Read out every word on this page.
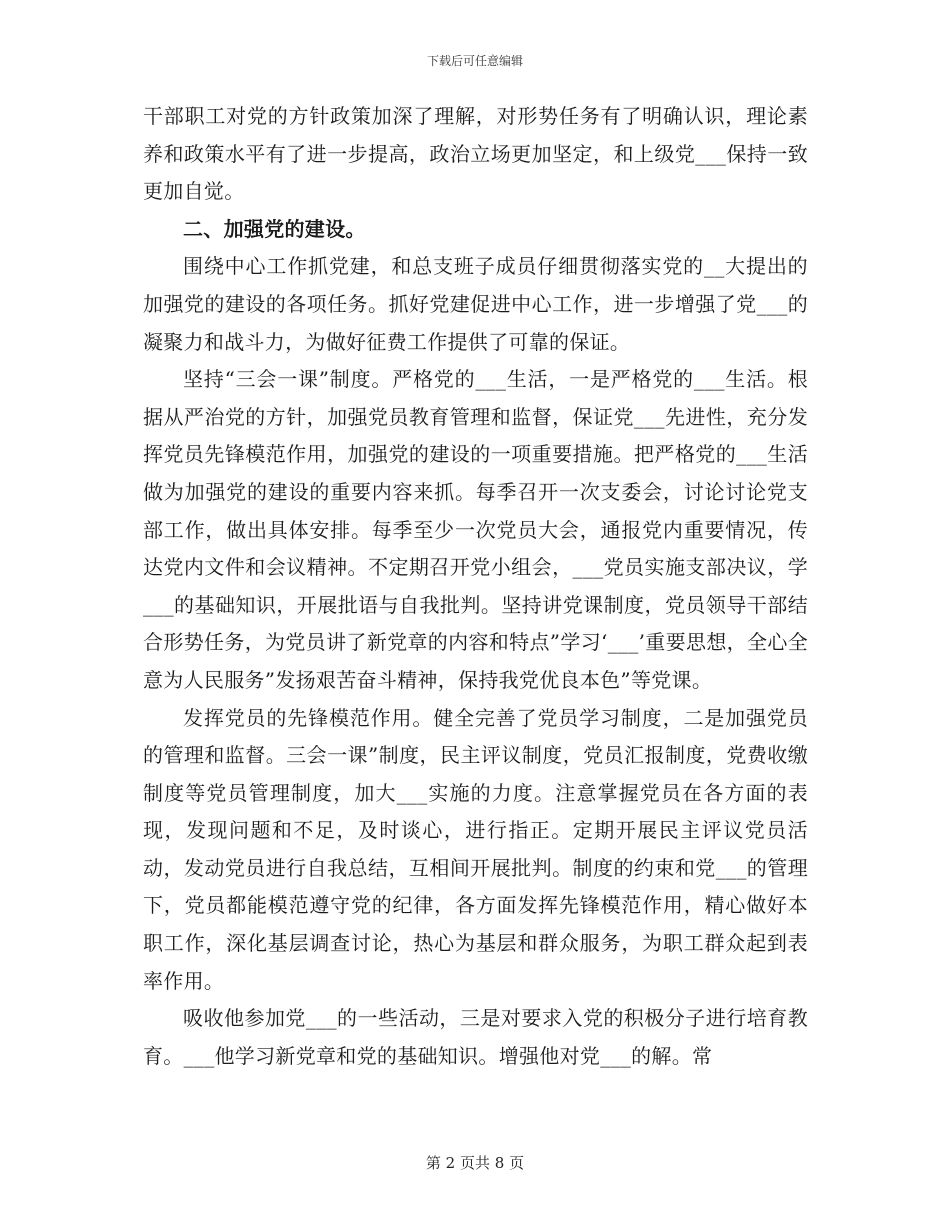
下载后可任意编辑

干部职工对党的方针政策加深了理解，对形势任务有了明确认识，理论素养和政策水平有了进一步提高，政治立场更加坚定，和上级党___保持一致更加自觉。

二、加强党的建设。

围绕中心工作抓党建，和总支班子成员仔细贯彻落实党的__大提出的加强党的建设的各项任务。抓好党建促进中心工作，进一步增强了党___的凝聚力和战斗力，为做好征费工作提供了可靠的保证。

坚持“三会一课”制度。严格党的___生活，一是严格党的___生活。根据从严治党的方针，加强党员教育管理和监督，保证党___先进性，充分发挥党员先锋模范作用，加强党的建设的一项重要措施。把严格党的___生活做为加强党的建设的重要内容来抓。每季召开一次支委会，讨论讨论党支部工作，做出具体安排。每季至少一次党员大会，通报党内重要情况，传达党内文件和会议精神。不定期召开党小组会，___党员实施支部决议，学___的基础知识，开展批语与自我批判。坚持讲党课制度，党员领导干部结合形势任务，为党员讲了新党章的内容和特点”学习‘___’重要思想，全心全意为人民服务”发扬艰苦奋斗精神，保持我党优良本色”等党课。

发挥党员的先锋模范作用。健全完善了党员学习制度，二是加强党员的管理和监督。三会一课”制度，民主评议制度，党员汇报制度，党费收缴制度等党员管理制度，加大___实施的力度。注意掌握党员在各方面的表现，发现问题和不足，及时谈心，进行指正。定期开展民主评议党员活动，发动党员进行自我总结，互相间开展批判。制度的约束和党___的管理下，党员都能模范遵守党的纪律，各方面发挥先锋模范作用，精心做好本职工作，深化基层调查讨论，热心为基层和群众服务，为职工群众起到表率作用。

吸收他参加党___的一些活动，三是对要求入党的积极分子进行培育教育。___他学习新党章和党的基础知识。增强他对党___的解。常

第 2 页共 8 页
